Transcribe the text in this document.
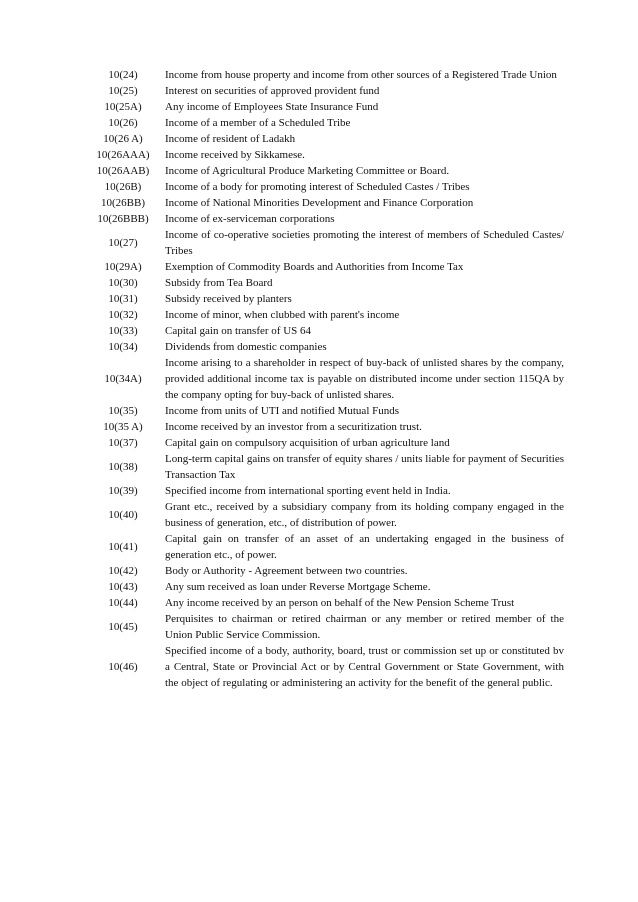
10(24)	Income from house property and income from other sources of a Registered Trade Union
10(25)	Interest on securities of approved provident fund
10(25A)	Any income of Employees State Insurance Fund
10(26)	Income of a member of a Scheduled Tribe
10(26 A)	Income of resident of Ladakh
10(26AAA)	Income received by Sikkamese.
10(26AAB)	Income of Agricultural Produce Marketing Committee or Board.
10(26B)	Income of a body for promoting interest of Scheduled Castes / Tribes
10(26BB)	Income of National Minorities Development and Finance Corporation
10(26BBB)	Income of ex-serviceman corporations
10(27)	Income of co-operative societies promoting the interest of members of Scheduled Castes/ Tribes
10(29A)	Exemption of Commodity Boards and Authorities from Income Tax
10(30)	Subsidy from Tea Board
10(31)	Subsidy received by planters
10(32)	Income of minor, when clubbed with parent's income
10(33)	Capital gain on transfer of US 64
10(34)	Dividends from domestic companies
10(34A)	Income arising to a shareholder in respect of buy-back of unlisted shares by the company, provided additional income tax is payable on distributed income under section 115QA by the company opting for buy-back of unlisted shares.
10(35)	Income from units of UTI and notified Mutual Funds
10(35 A)	Income received by an investor from a securitization trust.
10(37)	Capital gain on compulsory acquisition of urban agriculture land
10(38)	Long-term capital gains on transfer of equity shares / units liable for payment of Securities Transaction Tax
10(39)	Specified income from international sporting event held in India.
10(40)	Grant etc., received by a subsidiary company from its holding company engaged in the business of generation, etc., of distribution of power.
10(41)	Capital gain on transfer of an asset of an undertaking engaged in the business of generation etc., of power.
10(42)	Body or Authority - Agreement between two countries.
10(43)	Any sum received as loan under Reverse Mortgage Scheme.
10(44)	Any income received by an person on behalf of the New Pension Scheme Trust
10(45)	Perquisites to chairman or retired chairman or any member or retired member of the Union Public Service Commission.
10(46)	Specified income of a body, authority, board, trust or commission set up or constituted bv a Central, State or Provincial Act or by Central Government or State Government, with the object of regulating or administering an activity for the benefit of the general public.
